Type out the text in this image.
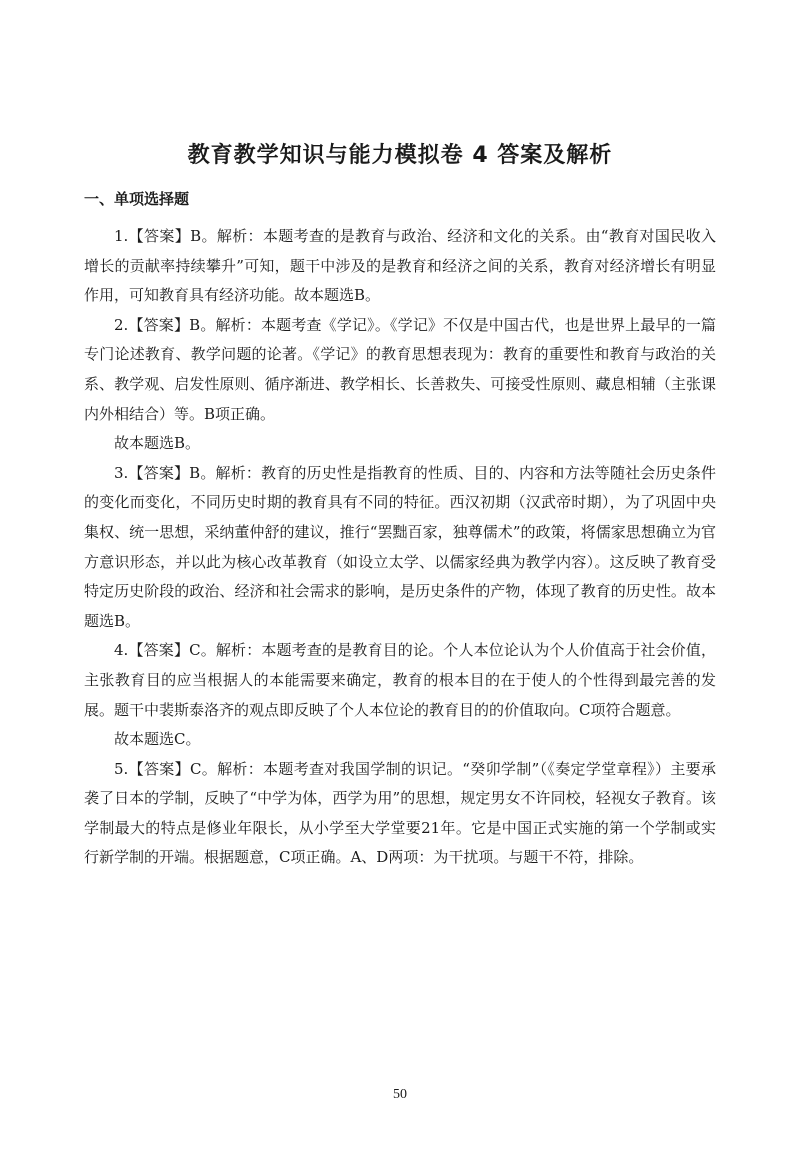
教育教学知识与能力模拟卷 4 答案及解析
一、单项选择题

1.【答案】B。解析：本题考查的是教育与政治、经济和文化的关系。由“教育对国民收入增长的贡献率持续攀升”可知，题干中涉及的是教育和经济之间的关系，教育对经济增长有明显作用，可知教育具有经济功能。故本题选B。

2.【答案】B。解析：本题考查《学记》。《学记》不仅是中国古代，也是世界上最早的一篇专门论述教育、教学问题的论著。《学记》的教育思想表现为：教育的重要性和教育与政治的关系、教学观、启发性原则、循序渐进、教学相长、长善救失、可接受性原则、藏息相辅（主张课内外相结合）等。B项正确。

故本题选B。

3.【答案】B。解析：教育的历史性是指教育的性质、目的、内容和方法等随社会历史条件的变化而变化，不同历史时期的教育具有不同的特征。西汉初期（汉武帝时期），为了巩固中央集权、统一思想，采纳董仲舒的建议，推行“罢黜百家，独尊儒术”的政策，将儒家思想确立为官方意识形态，并以此为核心改革教育（如设立太学、以儒家经典为教学内容）。这反映了教育受特定历史阶段的政治、经济和社会需求的影响，是历史条件的产物，体现了教育的历史性。故本题选B。

4.【答案】C。解析：本题考查的是教育目的论。个人本位论认为个人价值高于社会价值，主张教育目的应当根据人的本能需要来确定，教育的根本目的在于使人的个性得到最完善的发展。题干中裴斯泰洛齐的观点即反映了个人本位论的教育目的的价值取向。C项符合题意。

故本题选C。

5.【答案】C。解析：本题考查对我国学制的识记。“癸卯学制”（《奏定学堂章程》）主要承袭了日本的学制，反映了“中学为体，西学为用”的思想，规定男女不许同校，轻视女子教育。该学制最大的特点是修业年限长，从小学至大学堂要21年。它是中国正式实施的第一个学制或实行新学制的开端。根据题意，C项正确。A、D两项：为干扰项。与题干不符，排除。

50
